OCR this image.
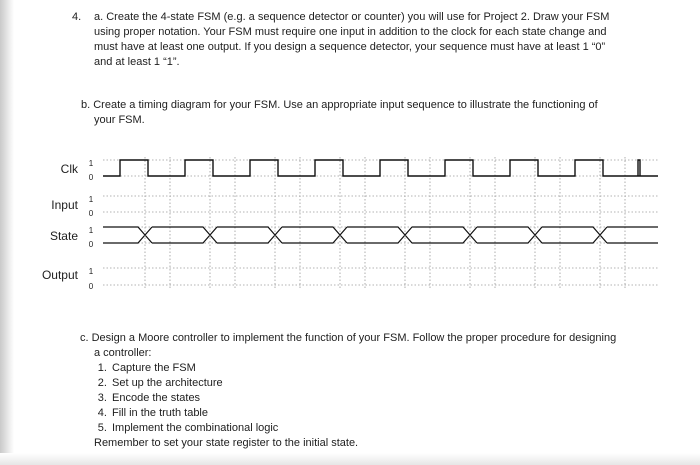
4. a. Create the 4-state FSM (e.g. a sequence detector or counter) you will use for Project 2. Draw your FSM using proper notation. Your FSM must require one input in addition to the clock for each state change and must have at least one output. If you design a sequence detector, your sequence must have at least 1 “0” and at least 1 “1”.

b. Create a timing diagram for your FSM. Use an appropriate input sequence to illustrate the functioning of your FSM.

Clk 1
0
Input 1
0
State 1
0
Output 1
0

c. Design a Moore controller to implement the function of your FSM. Follow the proper procedure for designing a controller:

1. Capture the FSM
2. Set up the architecture
3. Encode the states
4. Fill in the truth table
5. Implement the combinational logic

Remember to set your state register to the initial state.
